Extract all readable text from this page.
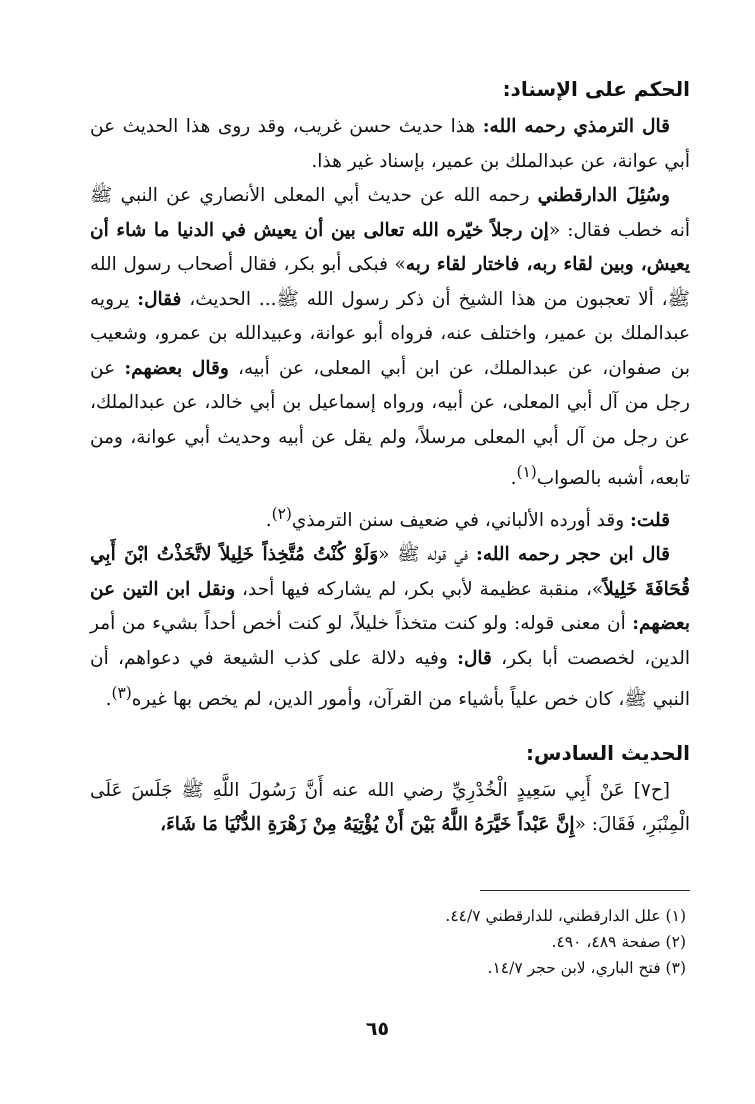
الحكم على الإسناد:

قال الترمذي رحمه الله: هذا حديث حسن غريب، وقد روى هذا الحديث عن أبي عوانة، عن عبدالملك بن عمير، بإسناد غير هذا.

وسُئِلَ الدارقطني رحمه الله عن حديث أبي المعلى الأنصاري عن النبي ﷺ أنه خطب فقال: «إن رجلاً خيّره الله تعالى بين أن يعيش في الدنيا ما شاء أن يعيش، وبين لقاء ربه، فاختار لقاء ربه» فبكى أبو بكر، فقال أصحاب رسول الله ﷺ، ألا تعجبون من هذا الشيخ أن ذكر رسول الله ﷺ... الحديث، فقال: يرويه عبدالملك بن عمير، واختلف عنه، فرواه أبو عوانة، وعبيدالله بن عمرو، وشعيب بن صفوان، عن عبدالملك، عن ابن أبي المعلى، عن أبيه، وقال بعضهم: عن رجل من آل أبي المعلى، عن أبيه، ورواه إسماعيل بن أبي خالد، عن عبدالملك، عن رجل من آل أبي المعلى مرسلاً، ولم يقل عن أبيه وحديث أبي عوانة، ومن تابعه، أشبه بالصواب$^{(١)}$.

قلت: وقد أورده الألباني، في ضعيف سنن الترمذي$^{(٢)}$.

قال ابن حجر رحمه الله: في قوله ﷺ «وَلَوْ كُنْتُ مُتَّخِذاً خَلِيلاً لاتَّخَذْتُ ابْنَ أَبِي قُحَافَةَ خَلِيلاً»، منقبة عظيمة لأبي بكر، لم يشاركه فيها أحد، ونقل ابن التين عن بعضهم: أن معنى قوله: ولو كنت متخذاً خليلاً، لو كنت أخص أحداً بشيء من أمر الدين، لخصصت أبا بكر، قال: وفيه دلالة على كذب الشيعة في دعواهم، أن النبي ﷺ، كان خص علياً بأشياء من القرآن، وأمور الدين، لم يخص بها غيره$^{(٣)}$.

الحديث السادس:

[ح٧] عَنْ أَبِي سَعِيدٍ الْخُدْرِيِّ رضي الله عنه أَنَّ رَسُولَ اللَّهِ ﷺ جَلَسَ عَلَى الْمِنْبَرِ، فَقَالَ: «إِنَّ عَبْداً خَيَّرَهُ اللَّهُ بَيْنَ أَنْ يُؤْتِيَهُ مِنْ زَهْرَةِ الدُّنْيَا مَا شَاءَ،

(١) علل الدارقطني، للدارقطني ٤٤/٧.
(٢) صفحة ٤٨٩، ٤٩٠.
(٣) فتح الباري، لابن حجر ١٤/٧.
٦٥
